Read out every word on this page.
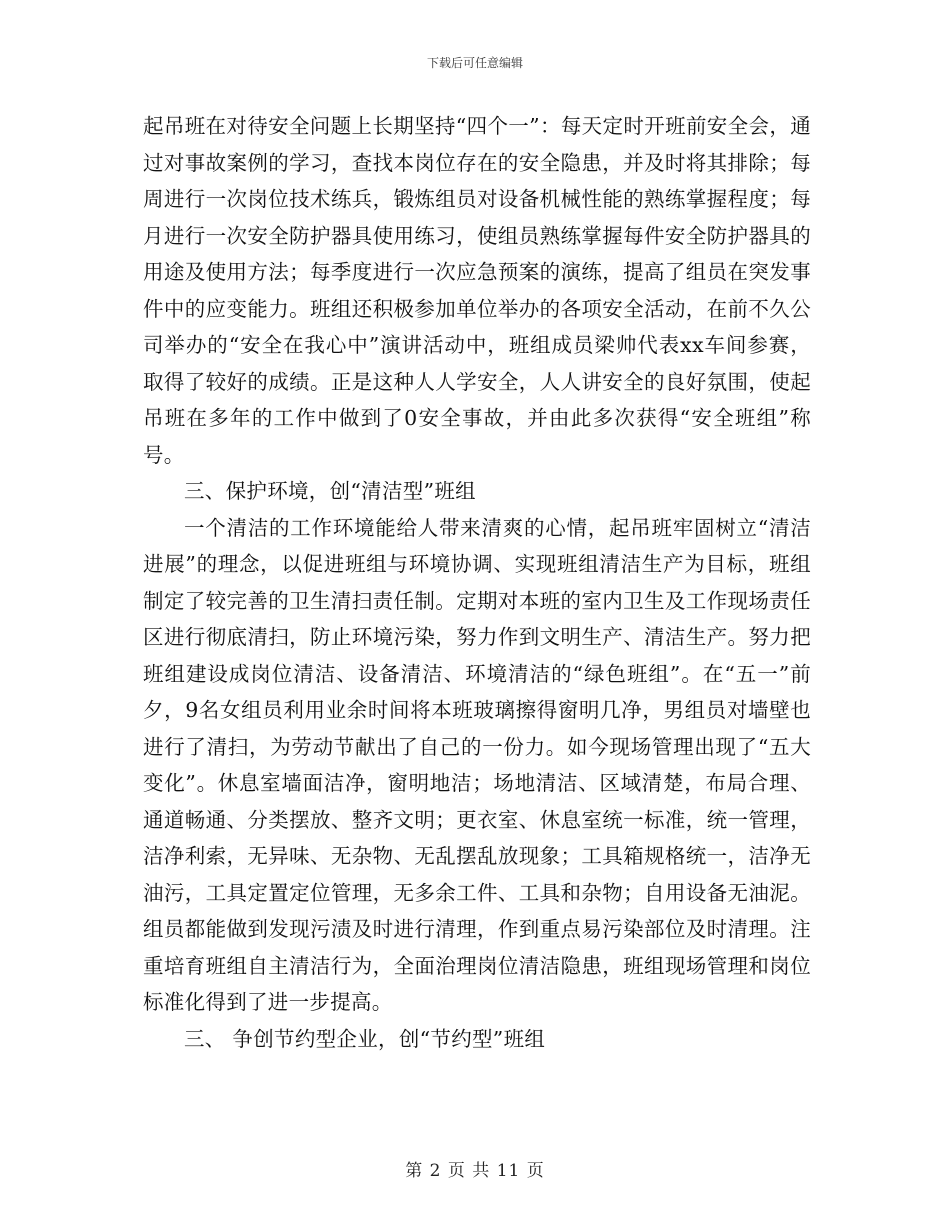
下载后可任意编辑

起吊班在对待安全问题上长期坚持“四个一”：每天定时开班前安全会，通过对事故案例的学习，查找本岗位存在的安全隐患，并及时将其排除；每周进行一次岗位技术练兵，锻炼组员对设备机械性能的熟练掌握程度；每月进行一次安全防护器具使用练习，使组员熟练掌握每件安全防护器具的用途及使用方法；每季度进行一次应急预案的演练，提高了组员在突发事件中的应变能力。班组还积极参加单位举办的各项安全活动，在前不久公司举办的“安全在我心中”演讲活动中，班组成员梁帅代表xx车间参赛，取得了较好的成绩。正是这种人人学安全，人人讲安全的良好氛围，使起吊班在多年的工作中做到了0安全事故，并由此多次获得“安全班组”称号。

三、保护环境，创“清洁型”班组

一个清洁的工作环境能给人带来清爽的心情，起吊班牢固树立“清洁进展”的理念，以促进班组与环境协调、实现班组清洁生产为目标，班组制定了较完善的卫生清扫责任制。定期对本班的室内卫生及工作现场责任区进行彻底清扫，防止环境污染，努力作到文明生产、清洁生产。努力把班组建设成岗位清洁、设备清洁、环境清洁的“绿色班组”。在“五一”前夕，9名女组员利用业余时间将本班玻璃擦得窗明几净，男组员对墙壁也进行了清扫，为劳动节献出了自己的一份力。如今现场管理出现了“五大变化”。休息室墙面洁净，窗明地洁；场地清洁、区域清楚，布局合理、通道畅通、分类摆放、整齐文明；更衣室、休息室统一标准，统一管理，洁净利索，无异味、无杂物、无乱摆乱放现象；工具箱规格统一，洁净无油污，工具定置定位管理，无多余工件、工具和杂物；自用设备无油泥。组员都能做到发现污渍及时进行清理，作到重点易污染部位及时清理。注重培育班组自主清洁行为，全面治理岗位清洁隐患，班组现场管理和岗位标准化得到了进一步提高。

三、 争创节约型企业，创“节约型”班组

第 2 页 共 11 页
